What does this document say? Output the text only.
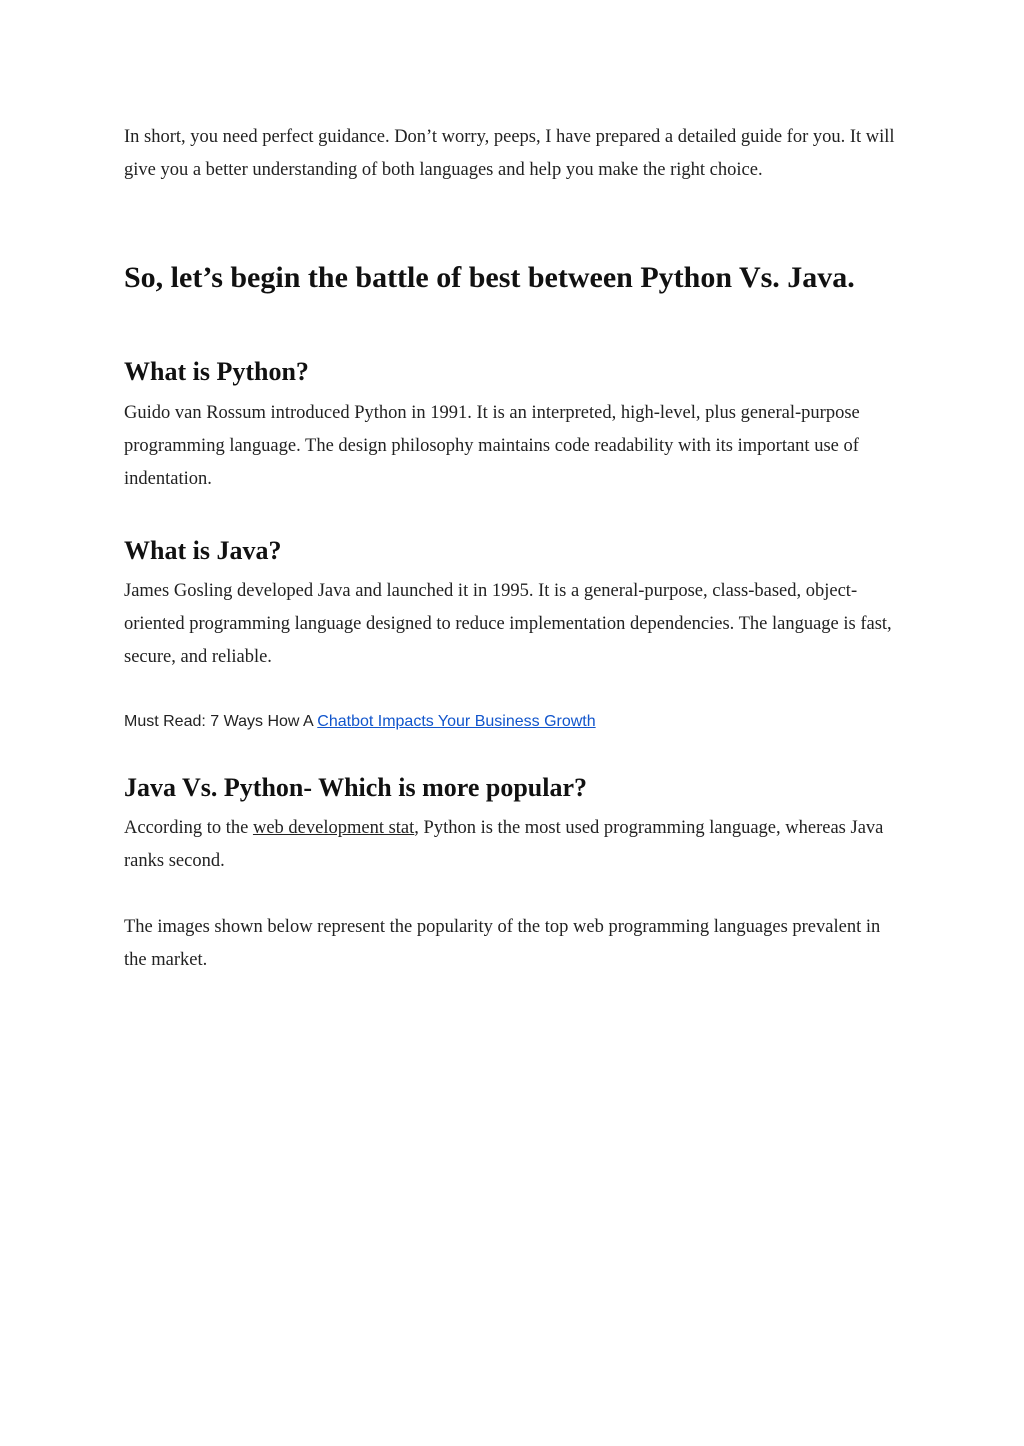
In short, you need perfect guidance. Don’t worry, peeps, I have prepared a detailed guide for you. It will give you a better understanding of both languages and help you make the right choice.

So, let’s begin the battle of best between Python Vs. Java.
What is Python?

Guido van Rossum introduced Python in 1991. It is an interpreted, high-level, plus general-purpose programming language. The design philosophy maintains code readability with its important use of indentation.

What is Java?

James Gosling developed Java and launched it in 1995. It is a general-purpose, class-based, object-oriented programming language designed to reduce implementation dependencies. The language is fast, secure, and reliable.

Must Read: 7 Ways How A Chatbot Impacts Your Business Growth

Java Vs. Python- Which is more popular?

According to the web development stat, Python is the most used programming language, whereas Java ranks second.

The images shown below represent the popularity of the top web programming languages prevalent in the market.
